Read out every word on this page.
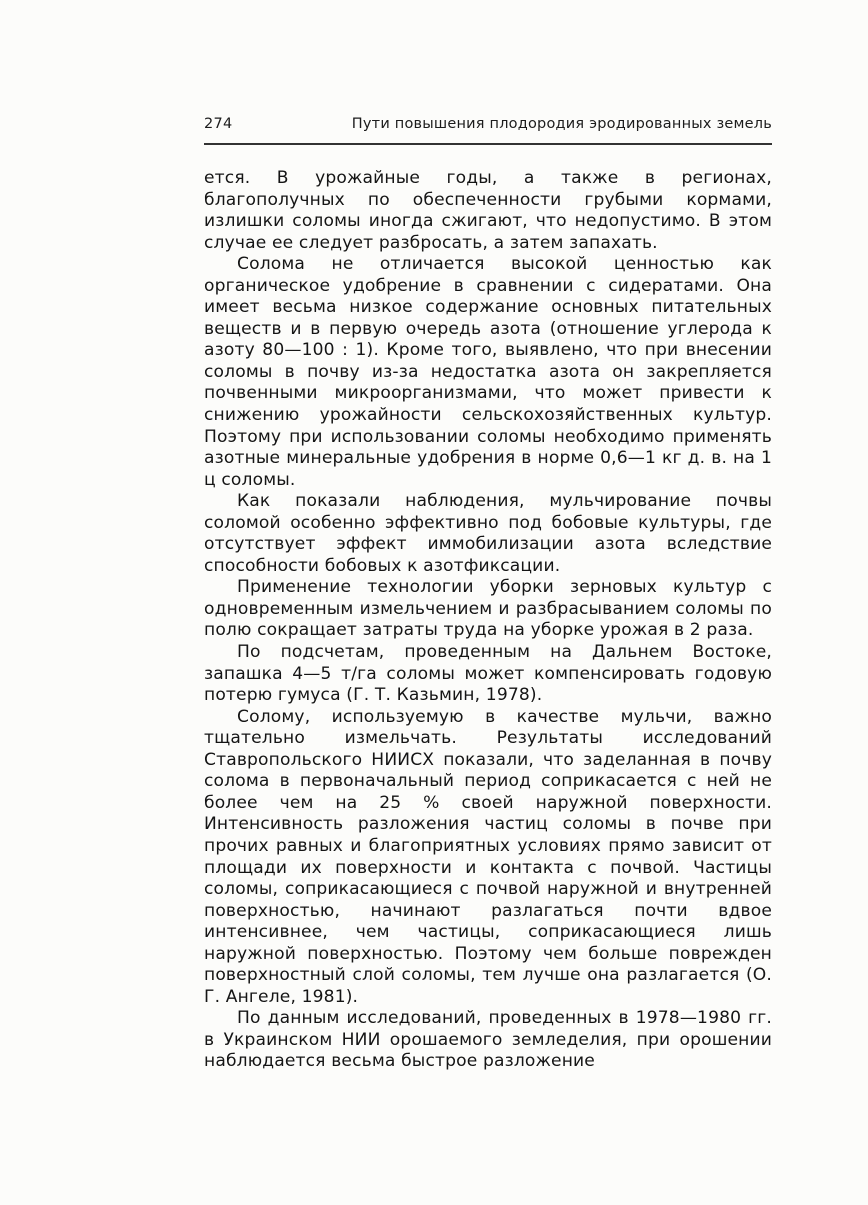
274	Пути повышения плодородия эродированных земель

ется. В урожайные годы, а также в регионах, благополучных по обеспеченности грубыми кормами, излишки соломы иногда сжигают, что недопустимо. В этом случае ее следует разбросать, а затем запахать.

Солома не отличается высокой ценностью как органическое удобрение в сравнении с сидератами. Она имеет весьма низкое содержание основных питательных веществ и в первую очередь азота (отношение углерода к азоту 80—100 : 1). Кроме того, выявлено, что при внесении соломы в почву из-за недостатка азота он закрепляется почвенными микроорганизмами, что может привести к снижению урожайности сельскохозяйственных культур. Поэтому при использовании соломы необходимо применять азотные минеральные удобрения в норме 0,6—1 кг д. в. на 1 ц соломы.

Как показали наблюдения, мульчирование почвы соломой особенно эффективно под бобовые культуры, где отсутствует эффект иммобилизации азота вследствие способности бобовых к азотфиксации.

Применение технологии уборки зерновых культур с одновременным измельчением и разбрасыванием соломы по полю сокращает затраты труда на уборке урожая в 2 раза.

По подсчетам, проведенным на Дальнем Востоке, запашка 4—5 т/га соломы может компенсировать годовую потерю гумуса (Г. Т. Казьмин, 1978).

Солому, используемую в качестве мульчи, важно тщательно измельчать. Результаты исследований Ставропольского НИИСХ показали, что заделанная в почву солома в первоначальный период соприкасается с ней не более чем на 25 % своей наружной поверхности. Интенсивность разложения частиц соломы в почве при прочих равных и благоприятных условиях прямо зависит от площади их поверхности и контакта с почвой. Частицы соломы, соприкасающиеся с почвой наружной и внутренней поверхностью, начинают разлагаться почти вдвое интенсивнее, чем частицы, соприкасающиеся лишь наружной поверхностью. Поэтому чем больше поврежден поверхностный слой соломы, тем лучше она разлагается (О. Г. Ангеле, 1981).

По данным исследований, проведенных в 1978—1980 гг. в Украинском НИИ орошаемого земледелия, при орошении наблюдается весьма быстрое разложение
